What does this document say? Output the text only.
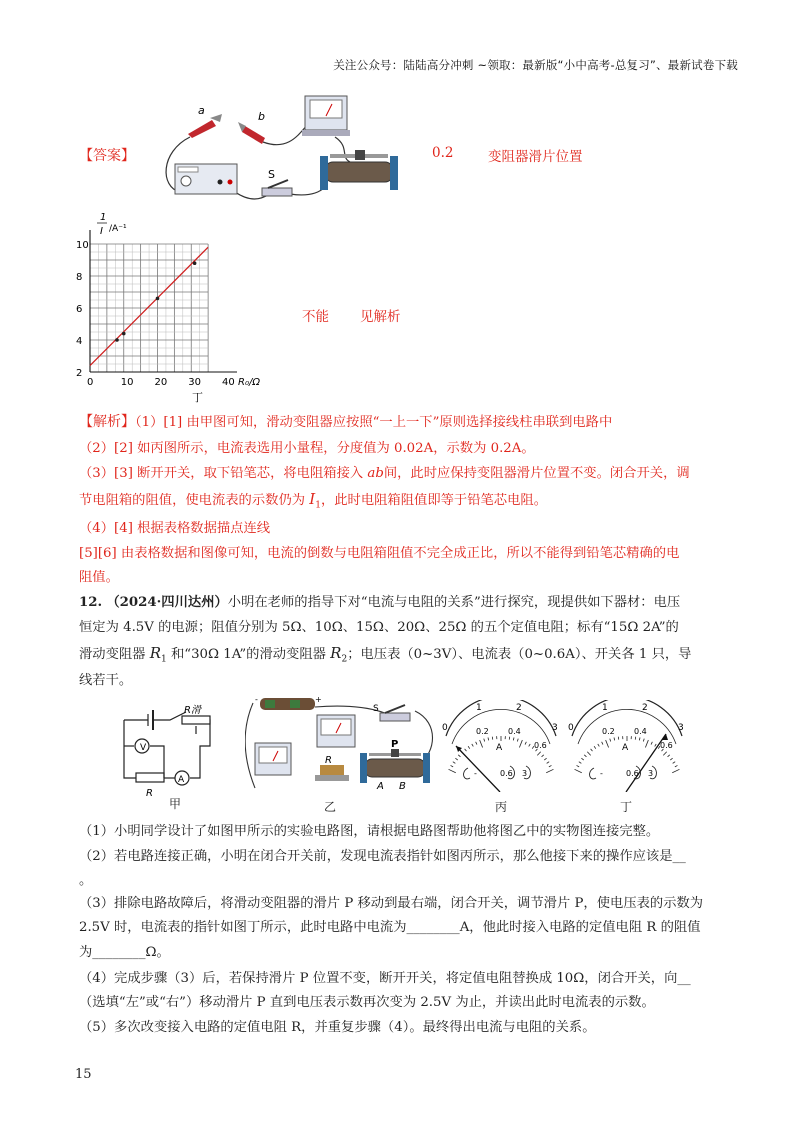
关注公众号：陆陆高分冲刺 ~领取：最新版“小中高考-总复习”、最新试卷下载
【答案】
a	b
S
0.2	变阻器滑片位置
0	10 20 30 40
2
4
6
8
10
1
I /A⁻¹
R₀/Ω
丁
不能 见解析
【解析】（1）[1] 由甲图可知，滑动变阻器应按照“一上一下”原则选择接线柱串联到电路中
（2）[2] 如丙图所示，电流表选用小量程，分度值为 0.02A，示数为 0.2A。
（3）[3] 断开开关，取下铅笔芯，将电阻箱接入 ab间，此时应保持变阻器滑片位置不变。闭合开关，调
节电阻箱的阻值，使电流表的示数仍为 $I_1$，此时电阻箱阻值即等于铅笔芯电阻。
（4）[4] 根据表格数据描点连线
[5][6] 由表格数据和图像可知，电流的倒数与电阻箱阻值不完全成正比，所以不能得到铅笔芯精确的电
阻值。
12. （2024·四川达州）小明在老师的指导下对“电流与电阻的关系”进行探究，现提供如下器材：电压
恒定为 4.5V 的电源；阻值分别为 5Ω、10Ω、15Ω、20Ω、25Ω 的五个定值电阻；标有“15Ω 2A”的
滑动变阻器 $R_1$ 和“30Ω 1A”的滑动变阻器 $R_2$；电压表（0~3V）、电流表（0~0.6A）、开关各 1 只，导
线若干。
V
A
R滑
R
甲
-	+
S
R
P
A B
乙
0
1	2
3
0.2 0.4
0.6
A
-	0.6 3
丙
0
1	2
3
0.2 0.4
0.6
A
-	0.6 3
丁
（1）小明同学设计了如图甲所示的实验电路图，请根据电路图帮助他将图乙中的实物图连接完整。
（2）若电路连接正确，小明在闭合开关前，发现电流表指针如图丙所示，那么他接下来的操作应该是__
。
（3）排除电路故障后，将滑动变阻器的滑片 P 移动到最右端，闭合开关，调节滑片 P，使电压表的示数为
2.5V 时，电流表的指针如图丁所示，此时电路中电流为________A，他此时接入电路的定值电阻 R 的阻值
为________Ω。
（4）完成步骤（3）后，若保持滑片 P 位置不变，断开开关，将定值电阻替换成 10Ω，闭合开关，向__
（选填“左”或“右”）移动滑片 P 直到电压表示数再次变为 2.5V 为止，并读出此时电流表的示数。
（5）多次改变接入电路的定值电阻 R，并重复步骤（4）。最终得出电流与电阻的关系。
15
